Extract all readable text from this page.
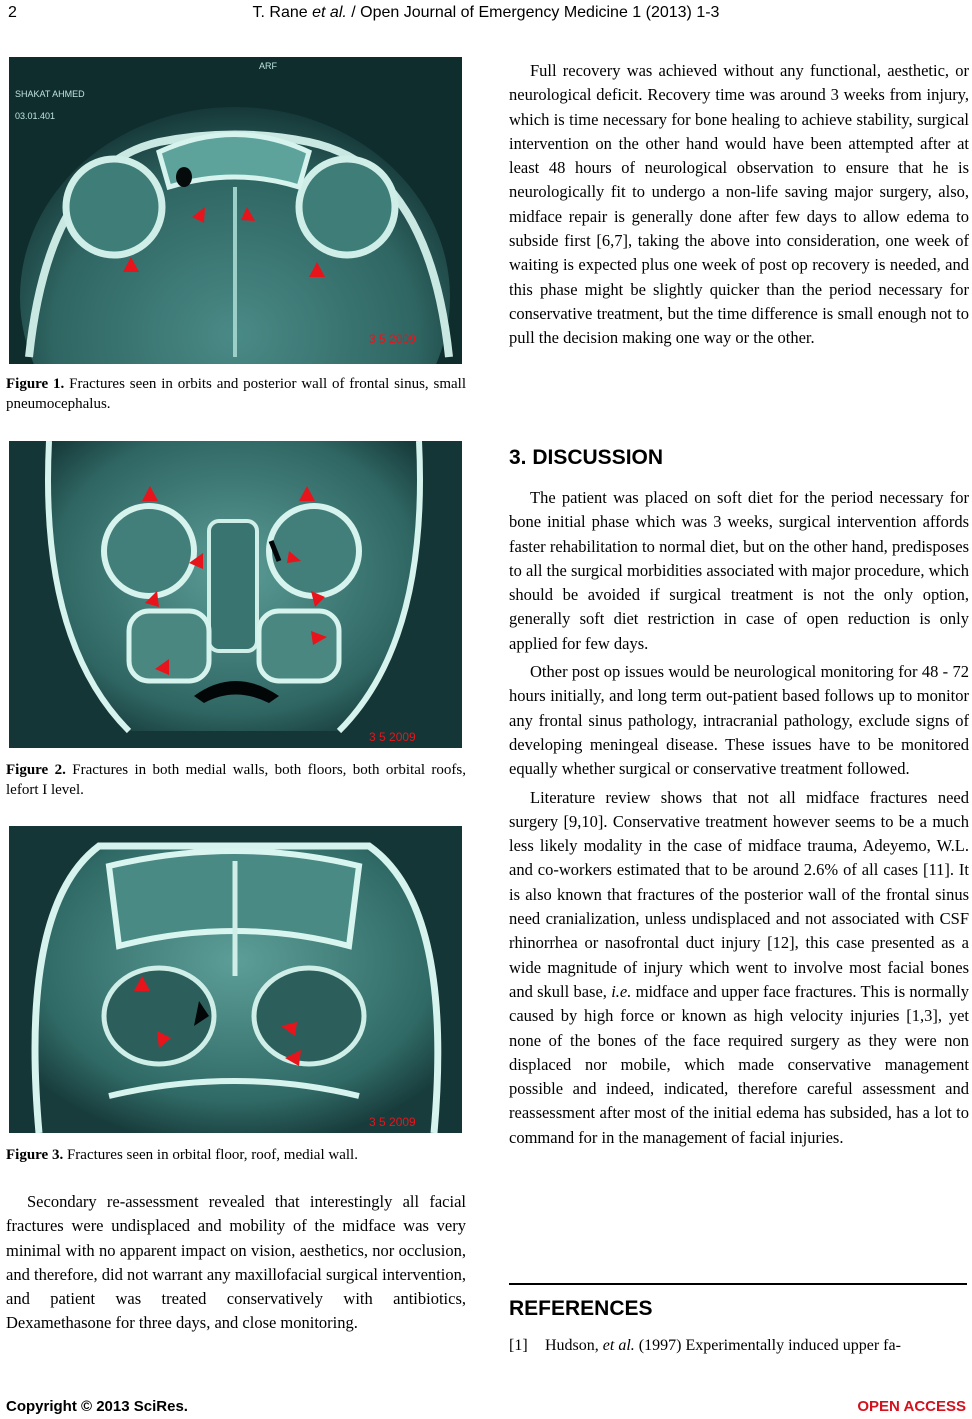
2	T. Rane et al. / Open Journal of Emergency Medicine 1 (2013) 1-3
SHAKAT AHMED
ARF
03.01.401
3 5 2009
Figure 1. Fractures seen in orbits and posterior wall of frontal sinus, small pneumocephalus.
3 5 2009
Figure 2. Fractures in both medial walls, both floors, both orbital roofs, lefort I level.
3 5 2009
Figure 3. Fractures seen in orbital floor, roof, medial wall.

Secondary re-assessment revealed that interestingly all facial fractures were undisplaced and mobility of the midface was very minimal with no apparent impact on vision, aesthetics, nor occlusion, and therefore, did not warrant any maxillofacial surgical intervention, and patient was treated conservatively with antibiotics, Dexamethasone for three days, and close monitoring.

Full recovery was achieved without any functional, aesthetic, or neurological deficit. Recovery time was around 3 weeks from injury, which is time necessary for bone healing to achieve stability, surgical intervention on the other hand would have been attempted after at least 48 hours of neurological observation to ensure that he is neurologically fit to undergo a non-life saving major surgery, also, midface repair is generally done after few days to allow edema to subside first [6,7], taking the above into consideration, one week of waiting is expected plus one week of post op recovery is needed, and this phase might be slightly quicker than the period necessary for conservative treatment, but the time difference is small enough not to pull the decision making one way or the other.

3. DISCUSSION

The patient was placed on soft diet for the period necessary for bone initial phase which was 3 weeks, surgical intervention affords faster rehabilitation to normal diet, but on the other hand, predisposes to all the surgical morbidities associated with major procedure, which should be avoided if surgical treatment is not the only option, generally soft diet restriction in case of open reduction is only applied for few days.

Other post op issues would be neurological monitoring for 48 - 72 hours initially, and long term out-patient based follows up to monitor any frontal sinus pathology, intracranial pathology, exclude signs of developing meningeal disease. These issues have to be monitored equally whether surgical or conservative treatment followed.

Literature review shows that not all midface fractures need surgery [9,10]. Conservative treatment however seems to be a much less likely modality in the case of midface trauma, Adeyemo, W.L. and co-workers estimated that to be around 2.6% of all cases [11]. It is also known that fractures of the posterior wall of the frontal sinus need cranialization, unless undisplaced and not associated with CSF rhinorrhea or nasofrontal duct injury [12], this case presented as a wide magnitude of injury which went to involve most facial bones and skull base, i.e. midface and upper face fractures. This is normally caused by high force or known as high velocity injuries [1,3], yet none of the bones of the face required surgery as they were non displaced nor mobile, which made conservative management possible and indeed, indicated, therefore careful assessment and reassessment after most of the initial edema has subsided, has a lot to command for in the management of facial injuries.

REFERENCES
[1] Hudson, et al. (1997) Experimentally induced upper fa-
Copyright © 2013 SciRes.	OPEN ACCESS
